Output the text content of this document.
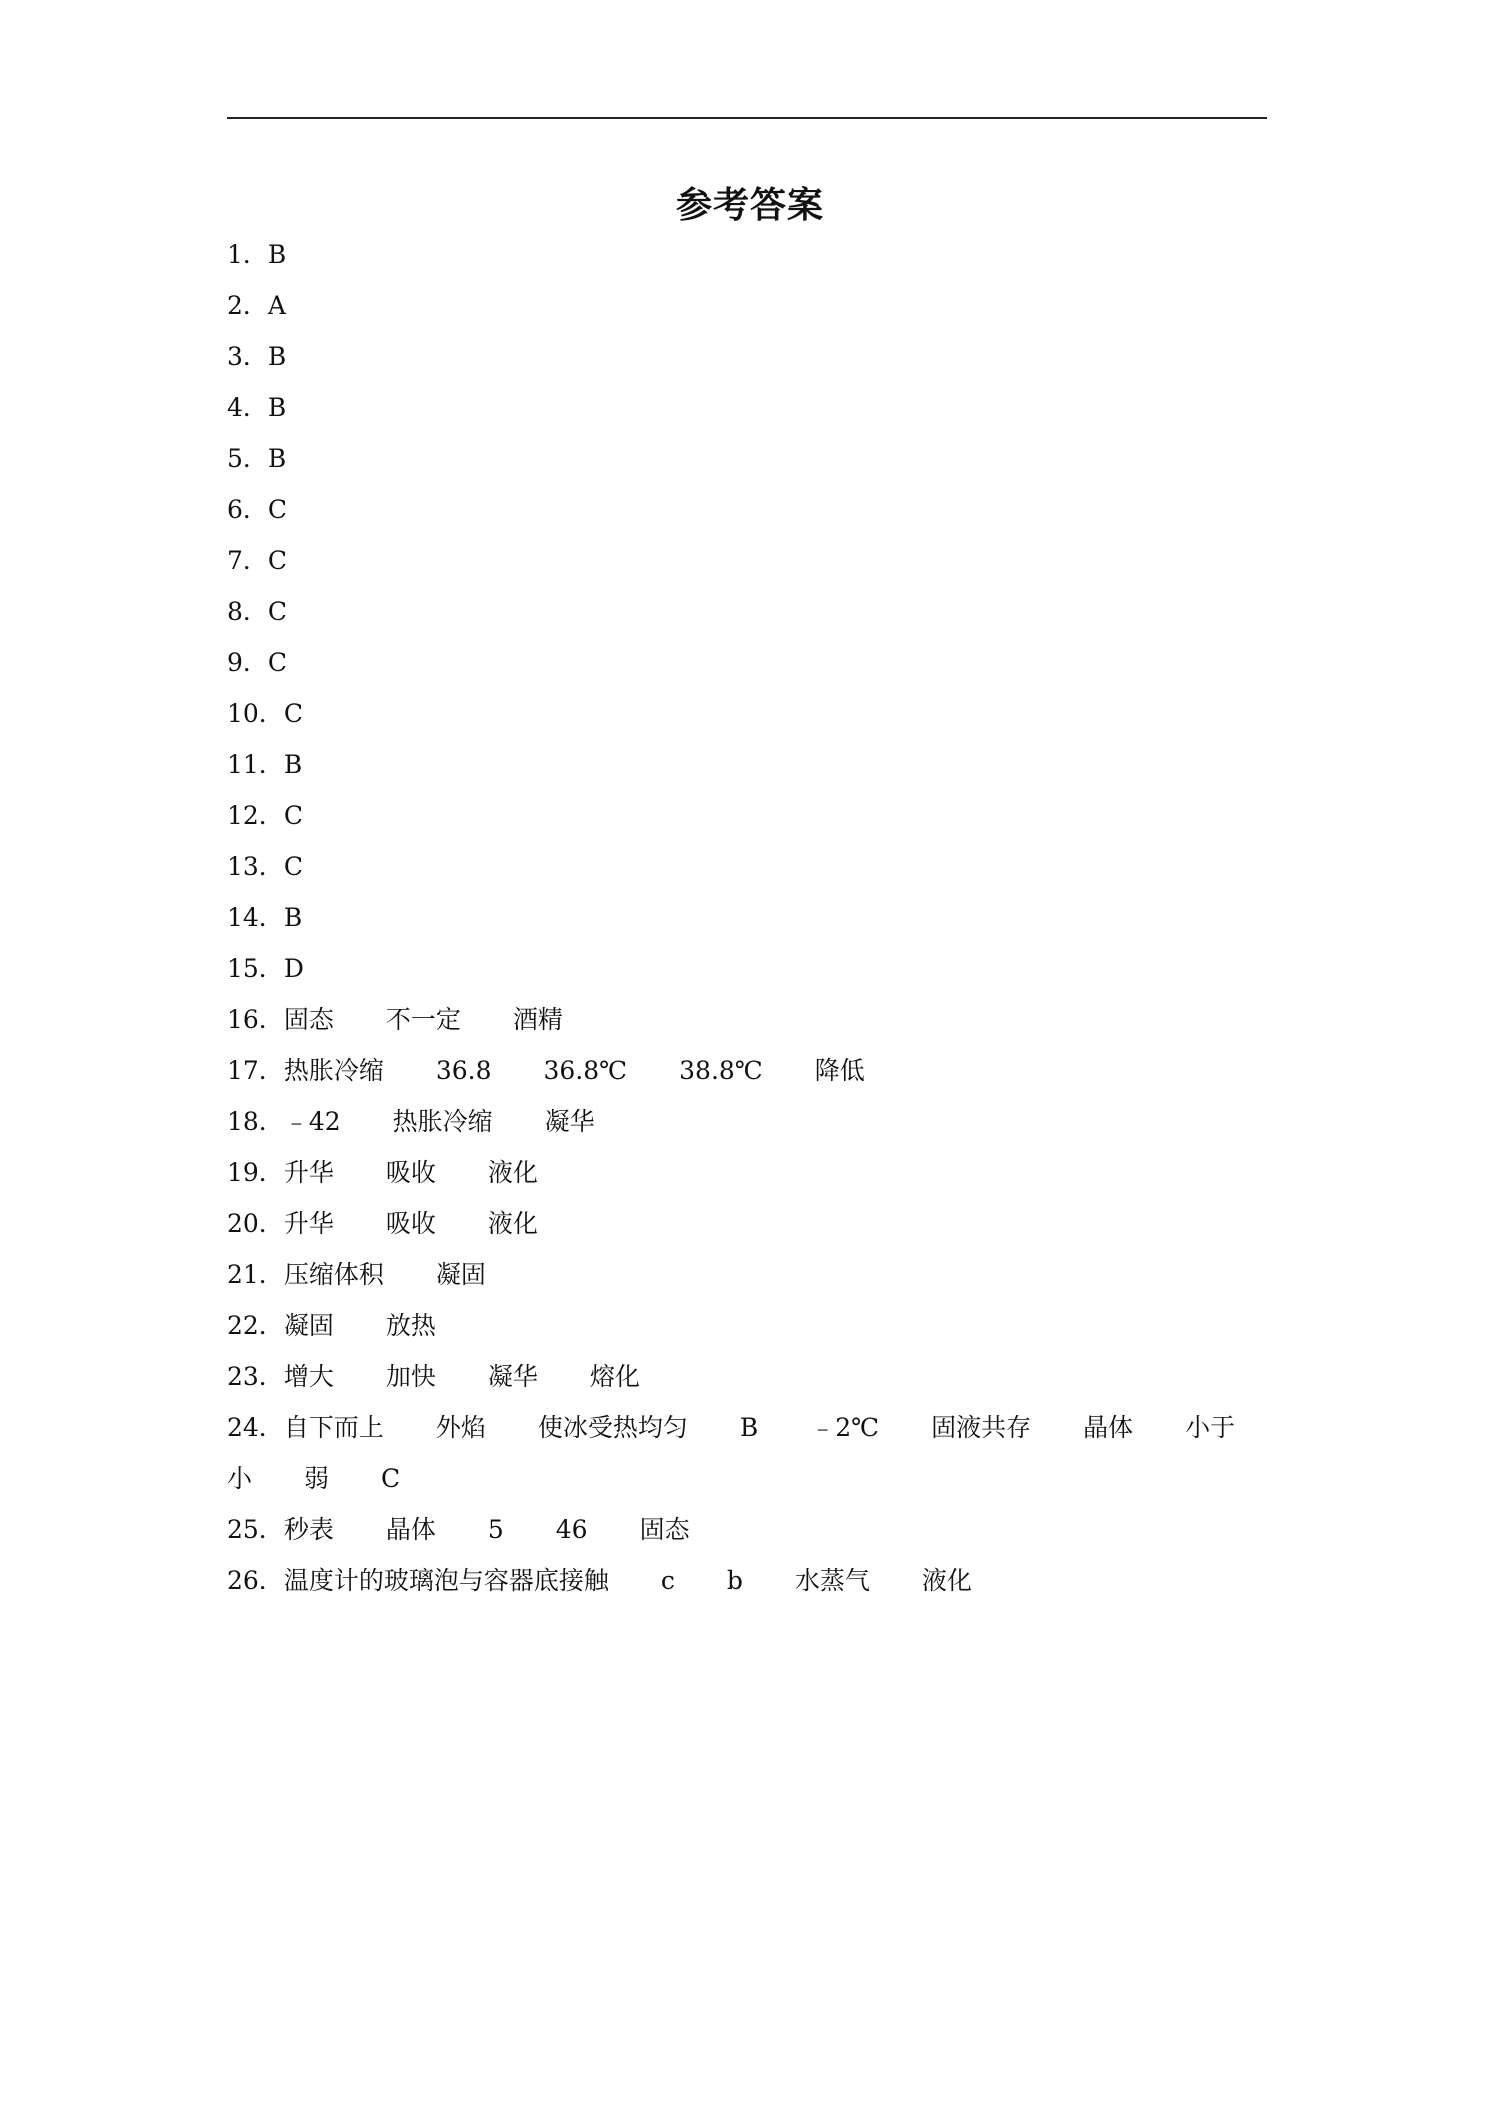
参考答案
1．B
2．A
3．B
4．B
5．B
6．C
7．C
8．C
9．C
10．C
11．B
12．C
13．C
14．B
15．D
16．固态 不一定 酒精
17．热胀冷缩 36.8 36.8℃ 38.8℃ 降低
18．﹣42 热胀冷缩 凝华
19．升华 吸收 液化
20．升华 吸收 液化
21．压缩体积 凝固
22．凝固 放热
23．增大 加快 凝华 熔化
24．自下而上 外焰 使冰受热均匀 B ﹣2℃ 固液共存 晶体 小于
小 弱 C
25．秒表 晶体 5 46 固态
26．温度计的玻璃泡与容器底接触 c b 水蒸气 液化
